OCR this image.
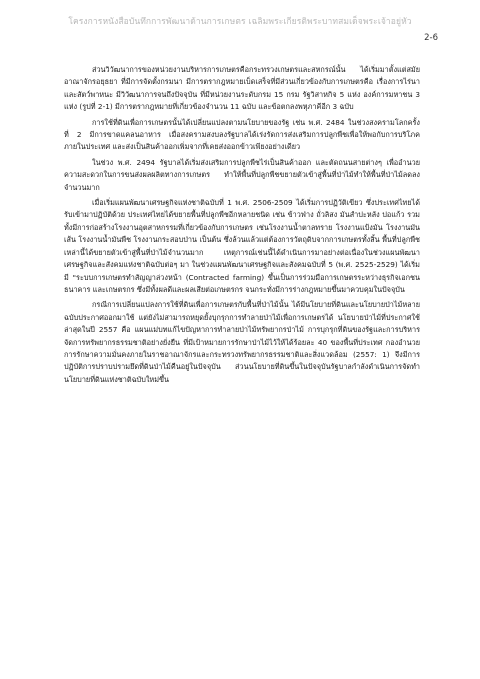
โครงการหนังสือบันทึกการพัฒนาด้านการเกษตร เฉลิมพระเกียรติพระบาทสมเด็จพระเจ้าอยู่หัว
2-6

ส่วนวิวัฒนาการของหน่วยงานบริหารการเกษตรคือกระทรวงเกษตรและสหกรณ์นั้น ได้เริ่มมาตั้งแต่สมัยอาณาจักรอยุธยา ที่มีการจัดตั้งกรมนา มีการตรากฎหมายเบ็ดเสร็จที่มีส่วนเกี่ยวข้องกับการเกษตรคือ เรื่องการไร่นาและสัตว์พาหนะ มีวิวัฒนาการจนถึงปัจจุบัน ที่มีหน่วยงานระดับกรม 15 กรม รัฐวิสาหกิจ 5 แห่ง องค์การมหาชน 3 แห่ง (รูปที่ 2-1) มีการตรากฎหมายที่เกี่ยวข้องจำนวน 11 ฉบับ และข้อตกลงพหุภาคีอีก 3 ฉบับ

การใช้ที่ดินเพื่อการเกษตรนั้นได้เปลี่ยนแปลงตามนโยบายของรัฐ เช่น พ.ศ. 2484 ในช่วงสงครามโลกครั้งที่ 2 มีการขาดแคลนอาหาร เมื่อสงครามสงบลงรัฐบาลได้เร่งรัดการส่งเสริมการปลูกพืชเพื่อให้พอกับการบริโภคภายในประเทศ และส่งเป็นสินค้าออกเพิ่มจากที่เคยส่งออกข้าวเพียงอย่างเดียว

ในช่วง พ.ศ. 2494 รัฐบาลได้เริ่มส่งเสริมการปลูกพืชไร่เป็นสินค้าออก และตัดถนนสายต่างๆ เพื่ออำนวยความสะดวกในการขนส่งผลผลิตทางการเกษตร ทำให้พื้นที่ปลูกพืชขยายตัวเข้าสู่พื้นที่ป่าไม้ทำให้พื้นที่ป่าไม้ลดลงจำนวนมาก

เมื่อเริ่มแผนพัฒนาเศรษฐกิจแห่งชาติฉบับที่ 1 พ.ศ. 2506-2509 ได้เริ่มการปฏิวัติเขียว ซึ่งประเทศไทยได้รับเข้ามาปฏิบัติด้วย ประเทศไทยได้ขยายพื้นที่ปลูกพืชอีกหลายชนิด เช่น ข้าวฟ่าง ถั่วลิสง มันสำปะหลัง ปอแก้ว รวมทั้งมีการก่อสร้างโรงงานอุตสาหกรรมที่เกี่ยวข้องกับการเกษตร เช่นโรงงานน้ำตาลทราย โรงงานแป้งมัน โรงงานมันเส้น โรงงานน้ำมันพืช โรงงานกระสอบป่าน เป็นต้น ซึ่งล้วนแล้วแต่ต้องการวัตถุดิบจากการเกษตรทั้งสิ้น พื้นที่ปลูกพืชเหล่านี้ได้ขยายตัวเข้าสู่พื้นที่ป่าไม้จำนวนมาก เหตุการณ์เช่นนี้ได้ดำเนินการมาอย่างต่อเนื่องในช่วงแผนพัฒนาเศรษฐกิจและสังคมแห่งชาติฉบับต่อๆ มา ในช่วงแผนพัฒนาเศรษฐกิจและสังคมฉบับที่ 5 (พ.ศ. 2525-2529) ได้เริ่มมี "ระบบการเกษตรทำสัญญาล่วงหน้า (Contracted farming) ขึ้นเป็นการร่วมมือการเกษตรระหว่างธุรกิจเอกชน ธนาคาร และเกษตรกร ซึ่งมีทั้งผลดีและผลเสียต่อเกษตรกร จนกระทั่งมีการร่างกฎหมายขึ้นมาควบคุมในปัจจุบัน

กรณีการเปลี่ยนแปลงการใช้ที่ดินเพื่อการเกษตรกับพื้นที่ป่าไม้นั้น ได้มีนโยบายที่ดินและนโยบายป่าไม้หลายฉบับประกาศออกมาใช้ แต่ยังไม่สามารถหยุดยั้งบุกรุกการทำลายป่าไม้เพื่อการเกษตรได้ นโยบายป่าไม้ที่ประกาศใช้ล่าสุดในปี 2557 คือ แผนแม่บทแก้ไขปัญหาการทำลายป่าไม้ทรัพยากรป่าไม้ การบุกรุกที่ดินของรัฐและการบริหารจัดการทรัพยากรธรรมชาติอย่างยั่งยืน ที่มีเป้าหมายการรักษาป่าไม้ไว้ให้ได้ร้อยละ 40 ของพื้นที่ประเทศ กองอำนวยการรักษาความมั่นคงภายในราชอาณาจักรและกระทรวงทรัพยากรธรรมชาติและสิ่งแวดล้อม (2557: 1) จึงมีการปฏิบัติการปราบปรามยึดที่ดินป่าไม้คืนอยู่ในปัจจุบัน ส่วนนโยบายที่ดินขึ้นในปัจจุบันรัฐบาลกำลังดำเนินการจัดทำนโยบายที่ดินแห่งชาติฉบับใหม่ขึ้น
